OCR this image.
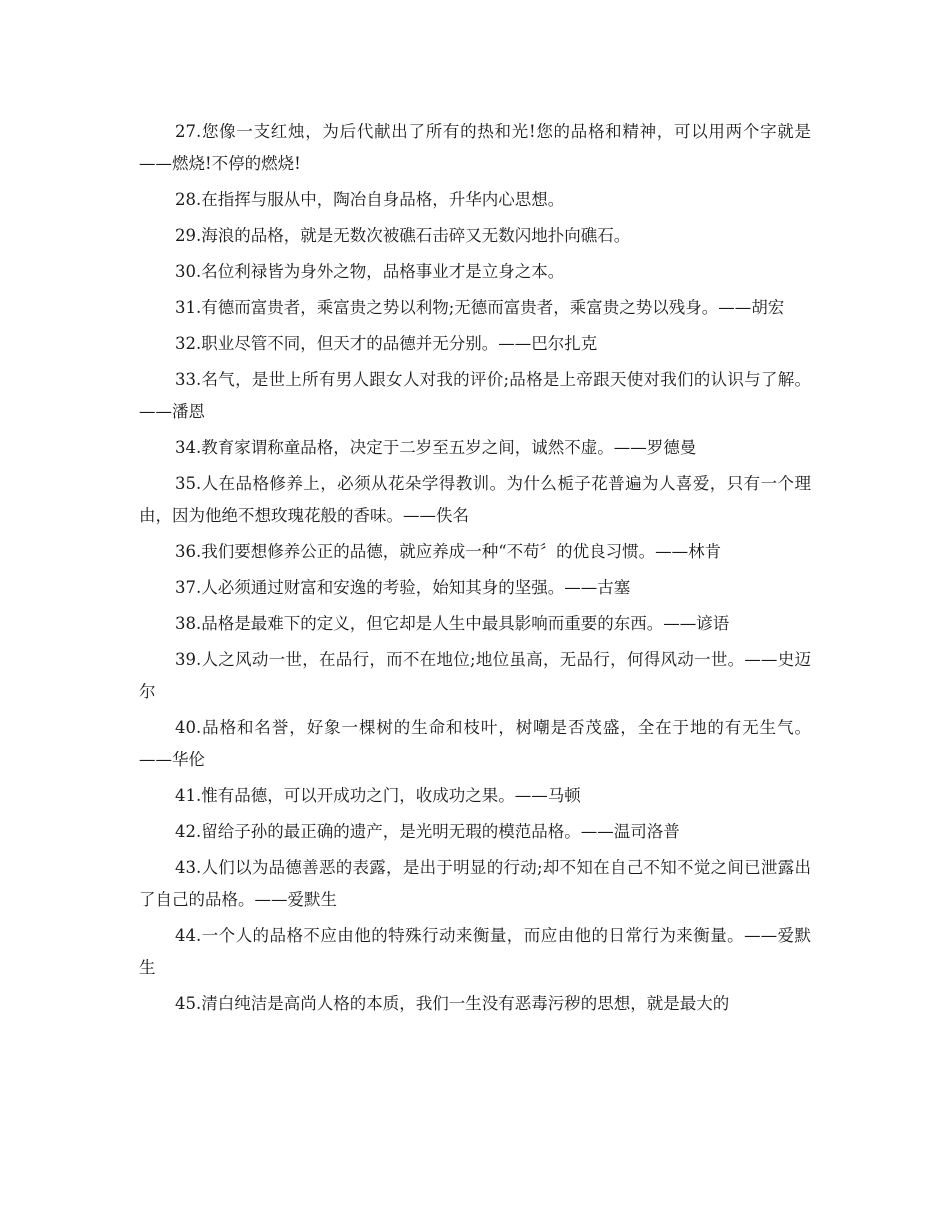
27.您像一支红烛，为后代献出了所有的热和光!您的品格和精神，可以用两个字就是——燃烧!不停的燃烧!

28.在指挥与服从中，陶冶自身品格，升华内心思想。

29.海浪的品格，就是无数次被礁石击碎又无数闪地扑向礁石。

30.名位利禄皆为身外之物，品格事业才是立身之本。

31.有德而富贵者，乘富贵之势以利物;无德而富贵者，乘富贵之势以残身。——胡宏

32.职业尽管不同，但天才的品德并无分别。——巴尔扎克

33.名气，是世上所有男人跟女人对我的评价;品格是上帝跟天使对我们的认识与了解。——潘恩

34.教育家谓称童品格，决定于二岁至五岁之间，诚然不虚。——罗德曼

35.人在品格修养上，必须从花朵学得教训。为什么栀子花普遍为人喜爱，只有一个理由，因为他绝不想玫瑰花般的香味。——佚名

36.我们要想修养公正的品德，就应养成一种“不苟〞的优良习惯。——林肯

37.人必须通过财富和安逸的考验，始知其身的坚强。——古塞

38.品格是最难下的定义，但它却是人生中最具影响而重要的东西。——谚语

39.人之风动一世，在品行，而不在地位;地位虽高，无品行，何得风动一世。——史迈尔

40.品格和名誉，好象一棵树的生命和枝叶，树嘲是否茂盛，全在于地的有无生气。——华伦

41.惟有品德，可以开成功之门，收成功之果。——马顿

42.留给子孙的最正确的遗产，是光明无瑕的模范品格。——温司洛普

43.人们以为品德善恶的表露，是出于明显的行动;却不知在自己不知不觉之间已泄露出了自己的品格。——爱默生

44.一个人的品格不应由他的特殊行动来衡量，而应由他的日常行为来衡量。——爱默生

45.清白纯洁是高尚人格的本质，我们一生没有恶毒污秽的思想，就是最大的
